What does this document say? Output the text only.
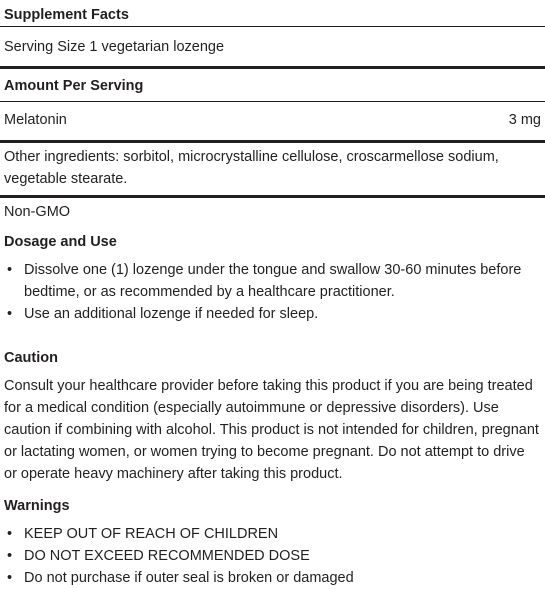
Supplement Facts
Serving Size 1 vegetarian lozenge
Amount Per Serving
Melatonin	3 mg
Other ingredients: sorbitol, microcrystalline cellulose, croscarmellose sodium, vegetable stearate.
Non-GMO
Dosage and Use
• Dissolve one (1) lozenge under the tongue and swallow 30-60 minutes before bedtime, or as recommended by a healthcare practitioner.
• Use an additional lozenge if needed for sleep.
Caution
Consult your healthcare provider before taking this product if you are being treated for a medical condition (especially autoimmune or depressive disorders). Use caution if combining with alcohol. This product is not intended for children, pregnant or lactating women, or women trying to become pregnant. Do not attempt to drive or operate heavy machinery after taking this product.
Warnings
• KEEP OUT OF REACH OF CHILDREN
• DO NOT EXCEED RECOMMENDED DOSE
• Do not purchase if outer seal is broken or damaged
